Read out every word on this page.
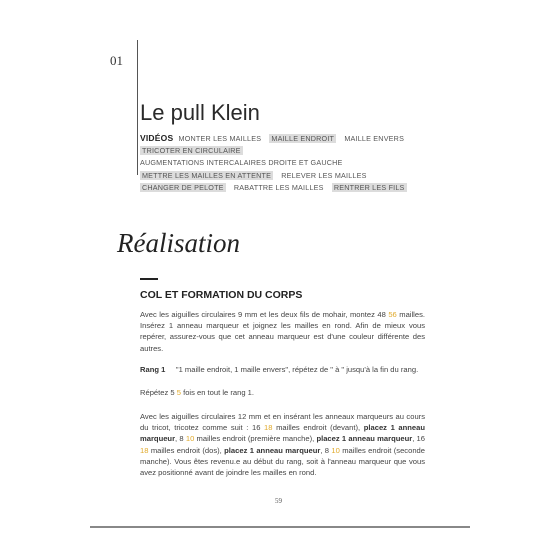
01
Le pull Klein
VIDÉOS MONTER LES MAILLES MAILLE ENDROIT MAILLE ENVERS TRICOTER EN CIRCULAIRE AUGMENTATIONS INTERCALAIRES DROITE ET GAUCHE METTRE LES MAILLES EN ATTENTE RELEVER LES MAILLES CHANGER DE PELOTE RABATTRE LES MAILLES RENTRER LES FILS
Réalisation
COL ET FORMATION DU CORPS
Avec les aiguilles circulaires 9 mm et les deux fils de mohair, montez 48 56 mailles. Insérez 1 anneau marqueur et joignez les mailles en rond. Afin de mieux vous repérer, assurez-vous que cet anneau marqueur est d'une couleur différente des autres.
Rang 1 "1 maille endroit, 1 maille envers", répétez de " à " jusqu'à la fin du rang.
Répétez 5 5 fois en tout le rang 1.
Avec les aiguilles circulaires 12 mm et en insérant les anneaux marqueurs au cours du tricot, tricotez comme suit : 16 18 mailles endroit (devant), placez 1 anneau marqueur, 8 10 mailles endroit (première manche), placez 1 anneau marqueur, 16 18 mailles endroit (dos), placez 1 anneau marqueur, 8 10 mailles endroit (seconde manche). Vous êtes revenu.e au début du rang, soit à l'anneau marqueur que vous avez positionné avant de joindre les mailles en rond.
59
